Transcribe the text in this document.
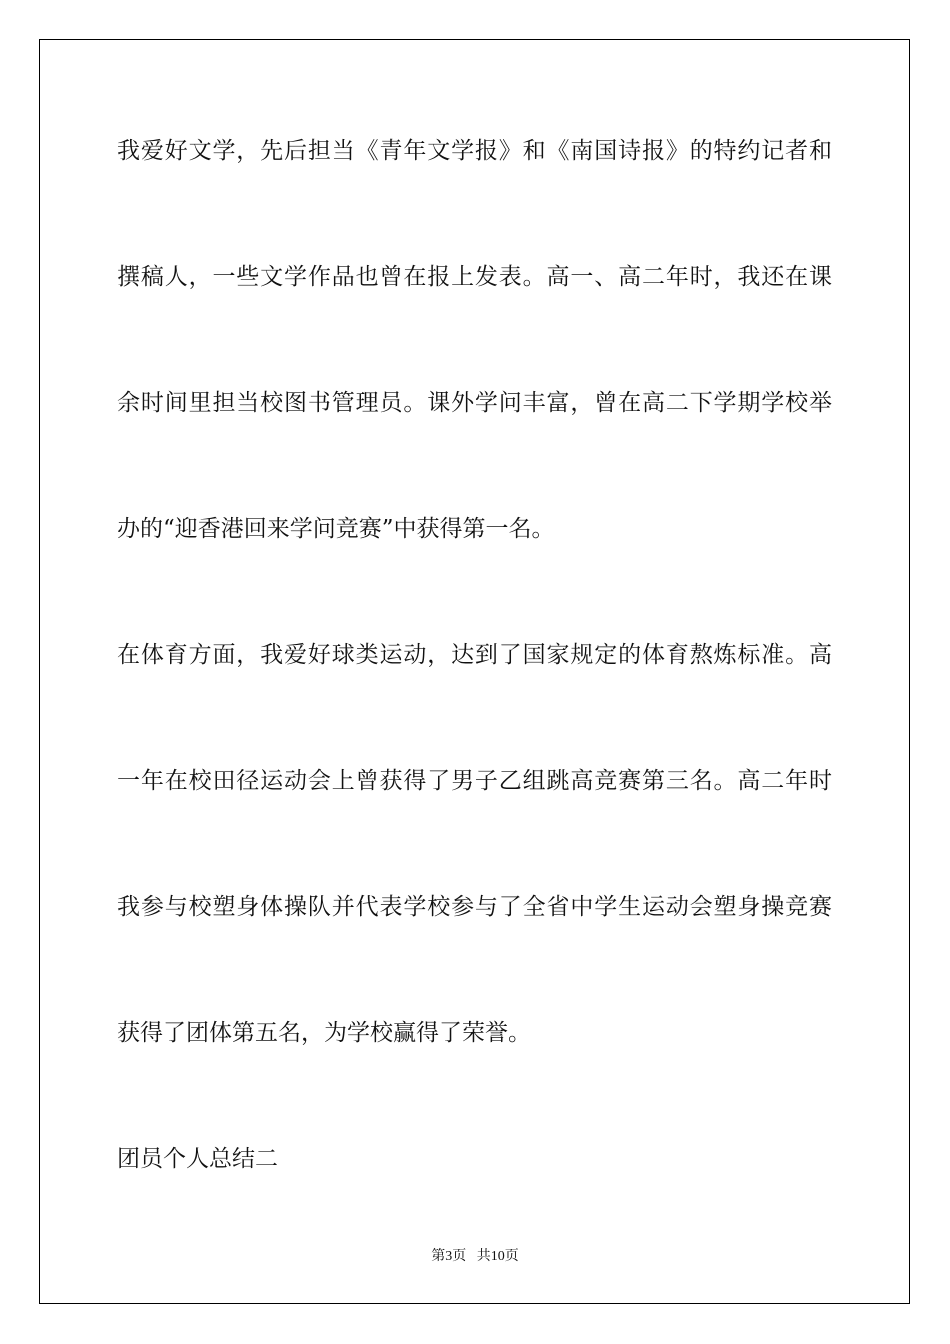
我爱好文学，先后担当《青年文学报》和《南国诗报》的特约记者和
撰稿人，一些文学作品也曾在报上发表。高一、高二年时，我还在课
余时间里担当校图书管理员。课外学问丰富，曾在高二下学期学校举
办的“迎香港回来学问竞赛”中获得第一名。
在体育方面，我爱好球类运动，达到了国家规定的体育熬炼标准。高
一年在校田径运动会上曾获得了男子乙组跳高竞赛第三名。高二年时
我参与校塑身体操队并代表学校参与了全省中学生运动会塑身操竞赛
获得了团体第五名，为学校赢得了荣誉。
团员个人总结二
第3页 共10页
